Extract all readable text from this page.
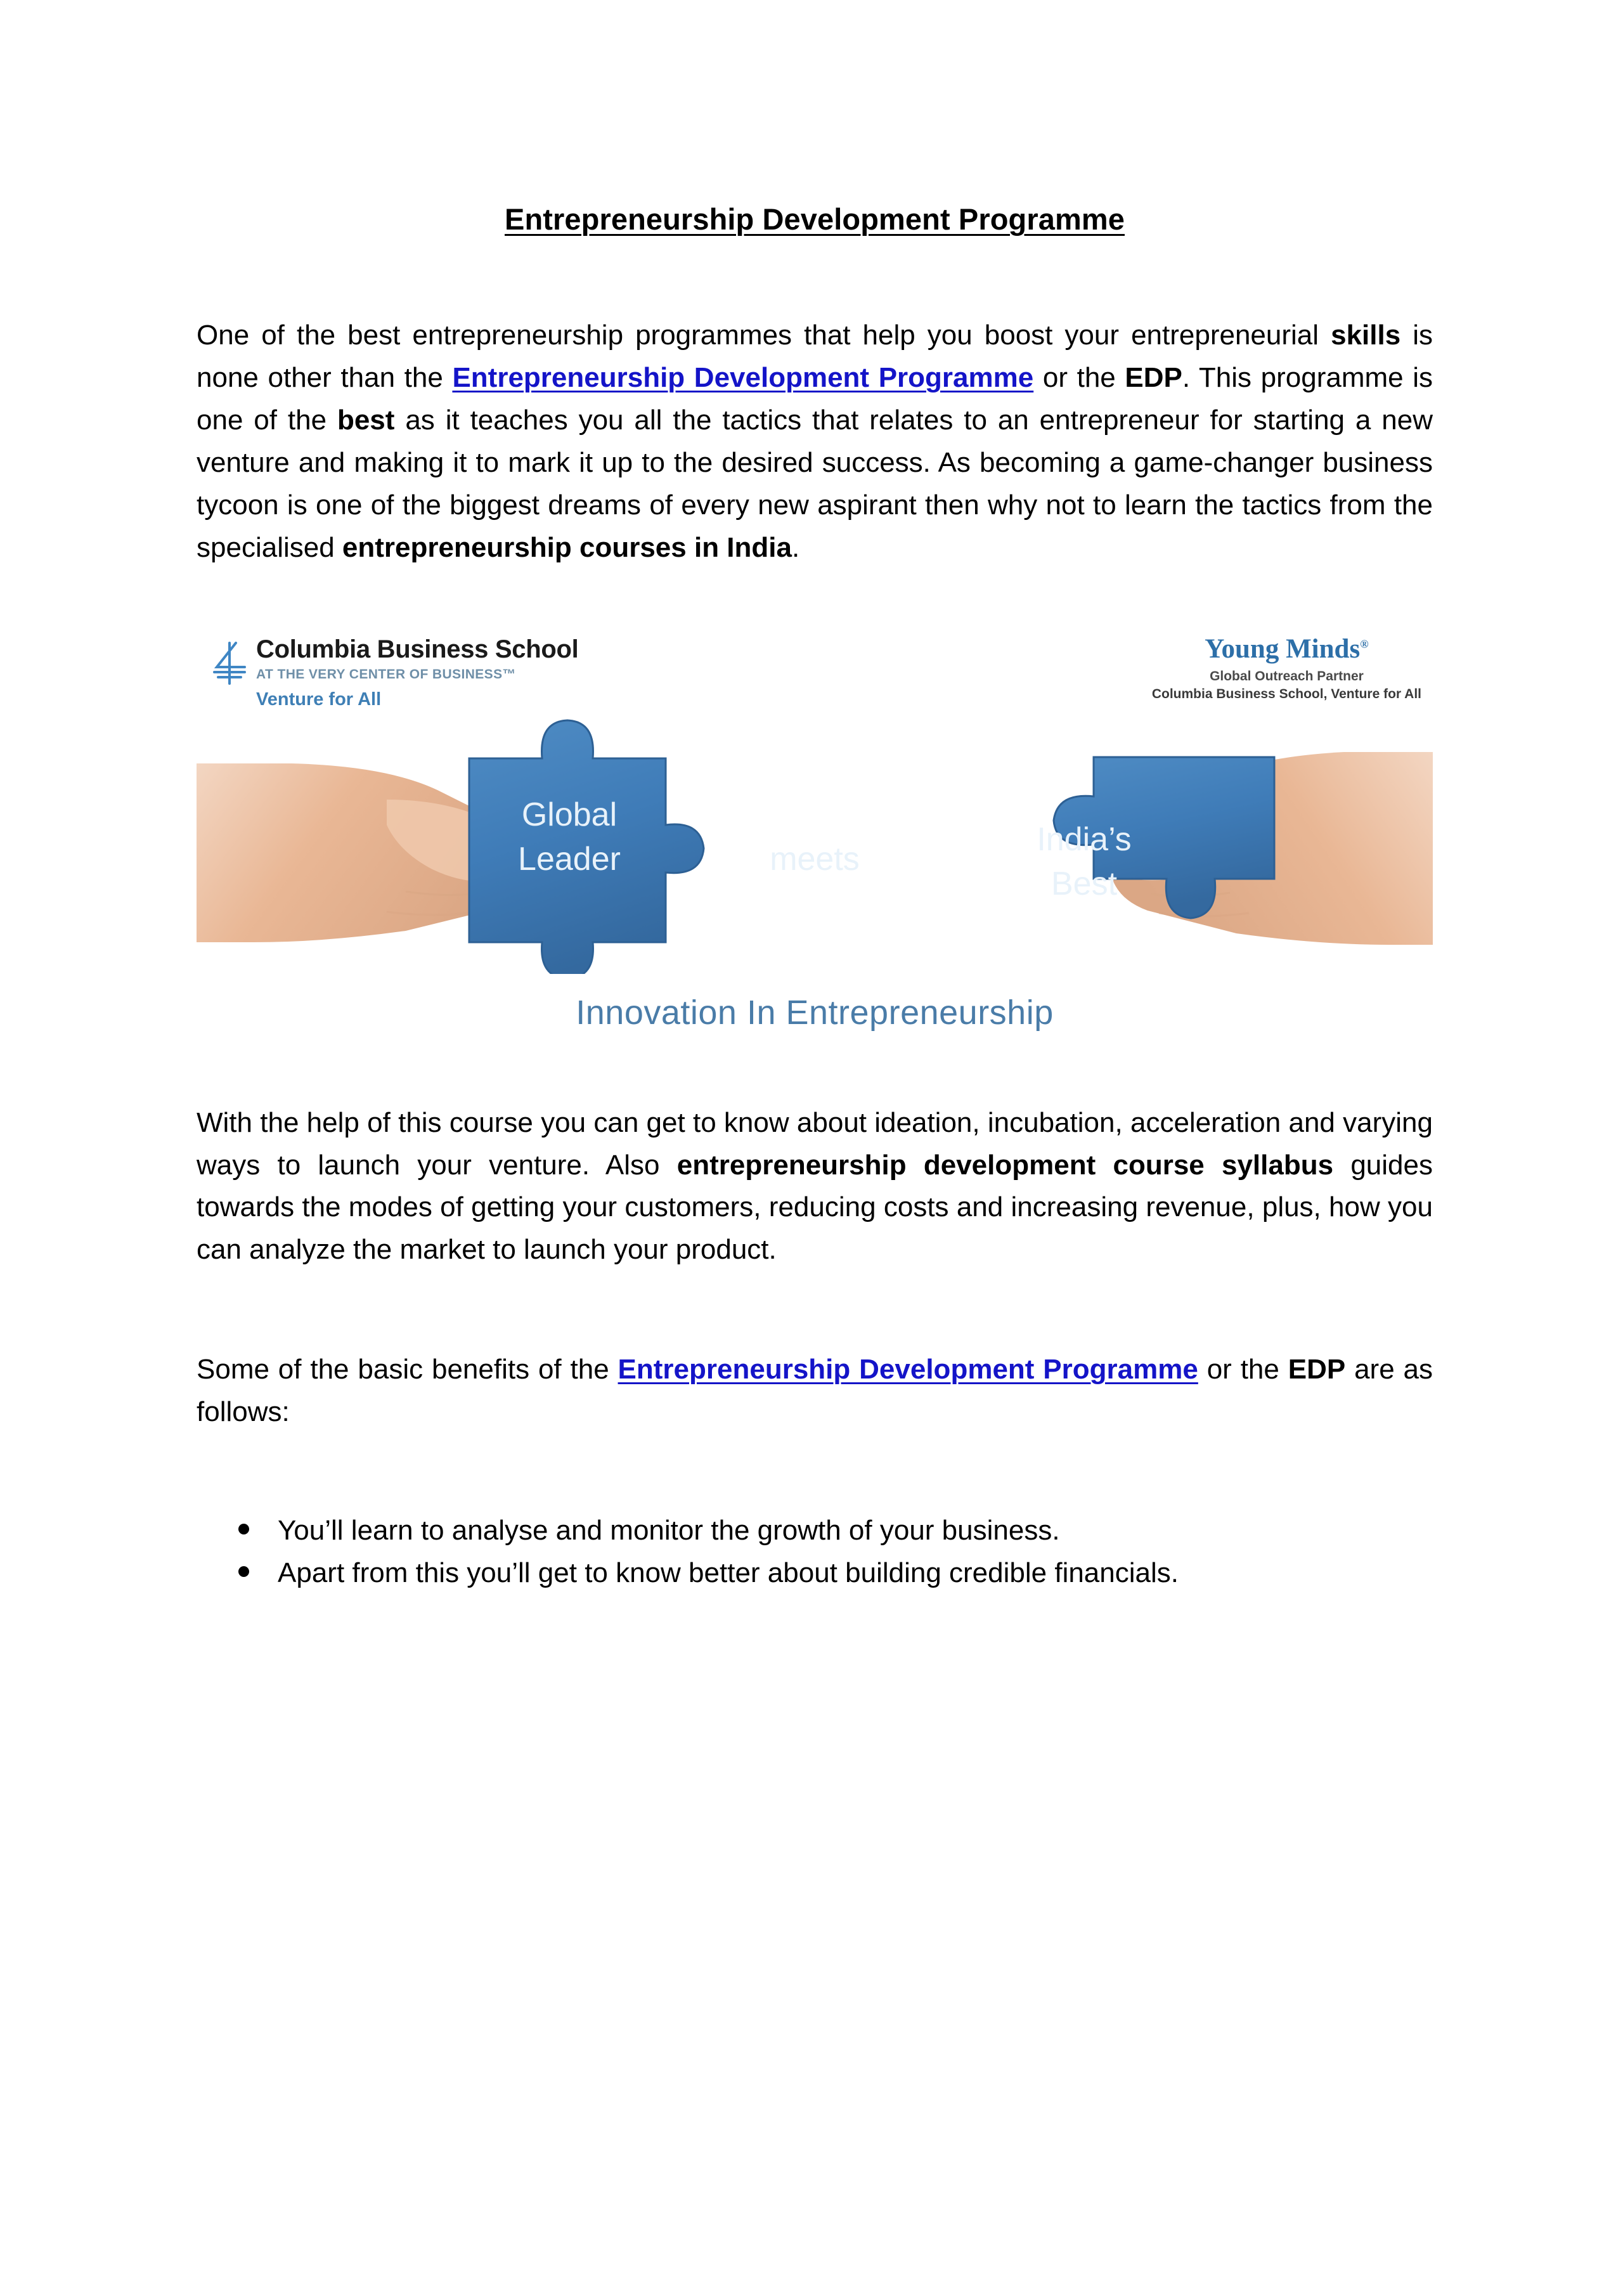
Entrepreneurship Development Programme

One of the best entrepreneurship programmes that help you boost your entrepreneurial skills is none other than the Entrepreneurship Development Programme or the EDP. This programme is one of the best as it teaches you all the tactics that relates to an entrepreneur for starting a new venture and making it to mark it up to the desired success. As becoming a game-changer business tycoon is one of the biggest dreams of every new aspirant then why not to learn the tactics from the specialised entrepreneurship courses in India.

Columbia Business School
AT THE VERY CENTER OF BUSINESS™
Venture for All
Young Minds®
Global Outreach Partner
Columbia Business School, Venture for All
Global
Leader	meets
India’s
Best
Innovation In Entrepreneurship

With the help of this course you can get to know about ideation, incubation, acceleration and varying ways to launch your venture. Also entrepreneurship development course syllabus guides towards the modes of getting your customers, reducing costs and increasing revenue, plus, how you can analyze the market to launch your product.

Some of the basic benefits of the Entrepreneurship Development Programme or the EDP are as follows:

You’ll learn to analyse and monitor the growth of your business.
Apart from this you’ll get to know better about building credible financials.
